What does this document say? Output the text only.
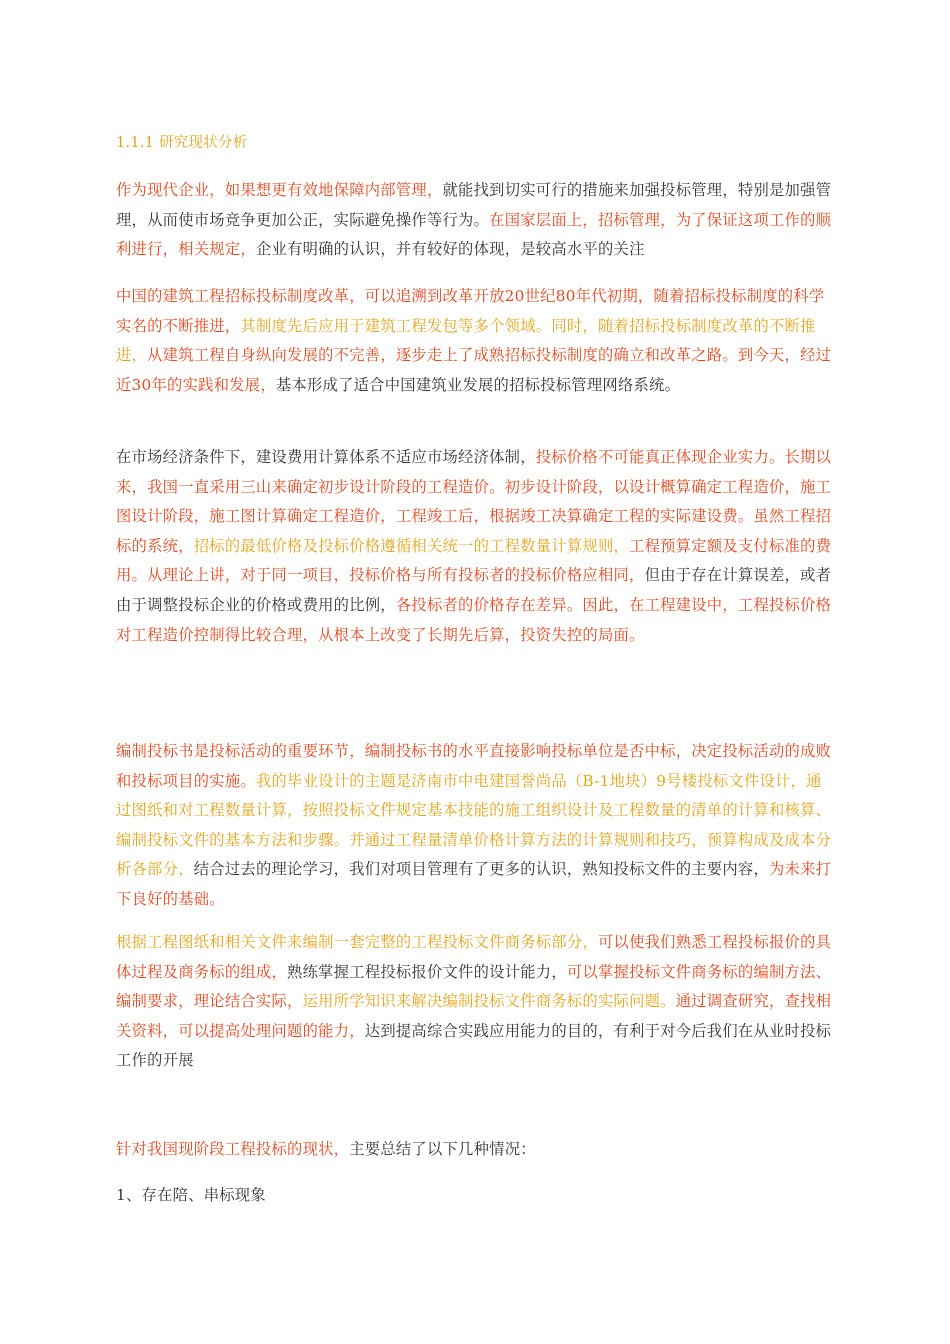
1.1.1 研究现状分析
作为现代企业，如果想更有效地保障内部管理，就能找到切实可行的措施来加强投标管理，特别是加强管理，从而使市场竞争更加公正，实际避免操作等行为。在国家层面上，招标管理，为了保证这项工作的顺利进行，相关规定，企业有明确的认识，并有较好的体现，是较高水平的关注
中国的建筑工程招标投标制度改革，可以追溯到改革开放20世纪80年代初期，随着招标投标制度的科学实名的不断推进，其制度先后应用于建筑工程发包等多个领域。同时，随着招标投标制度改革的不断推进，从建筑工程自身纵向发展的不完善，逐步走上了成熟招标投标制度的确立和改革之路。到今天，经过近30年的实践和发展，基本形成了适合中国建筑业发展的招标投标管理网络系统。
在市场经济条件下，建设费用计算体系不适应市场经济体制，投标价格不可能真正体现企业实力。长期以来，我国一直采用三山来确定初步设计阶段的工程造价。初步设计阶段，以设计概算确定工程造价，施工图设计阶段，施工图计算确定工程造价，工程竣工后，根据竣工决算确定工程的实际建设费。虽然工程招标的系统，招标的最低价格及投标价格遵循相关统一的工程数量计算规则，工程预算定额及支付标准的费用。从理论上讲，对于同一项目，投标价格与所有投标者的投标价格应相同，但由于存在计算误差，或者由于调整投标企业的价格或费用的比例，各投标者的价格存在差异。因此，在工程建设中，工程投标价格对工程造价控制得比较合理，从根本上改变了长期先后算，投资失控的局面。
编制投标书是投标活动的重要环节，编制投标书的水平直接影响投标单位是否中标，决定投标活动的成败和投标项目的实施。我的毕业设计的主题是济南市中电建国誉尚品（B-1地块）9号楼投标文件设计，通过图纸和对工程数量计算，按照投标文件规定基本技能的施工组织设计及工程数量的清单的计算和核算、编制投标文件的基本方法和步骤。并通过工程量清单价格计算方法的计算规则和技巧，预算构成及成本分析各部分，结合过去的理论学习，我们对项目管理有了更多的认识，熟知投标文件的主要内容，为未来打下良好的基础。
根据工程图纸和相关文件来编制一套完整的工程投标文件商务标部分，可以使我们熟悉工程投标报价的具体过程及商务标的组成，熟练掌握工程投标报价文件的设计能力，可以掌握投标文件商务标的编制方法、编制要求，理论结合实际，运用所学知识来解决编制投标文件商务标的实际问题。通过调查研究，查找相关资料，可以提高处理问题的能力，达到提高综合实践应用能力的目的，有利于对今后我们在从业时投标工作的开展
针对我国现阶段工程投标的现状，主要总结了以下几种情况：
1、存在陪、串标现象
